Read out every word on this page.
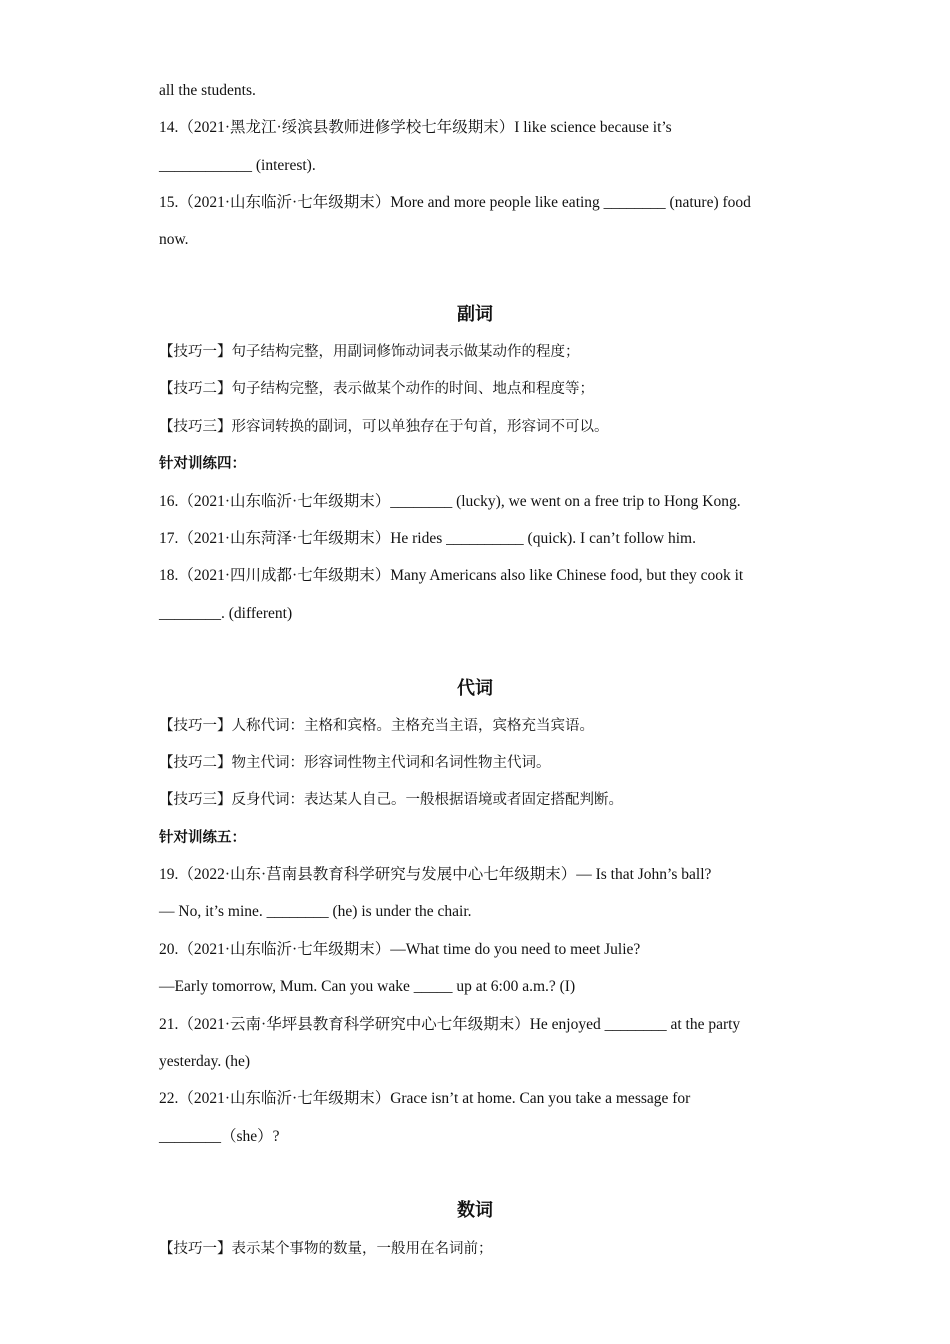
all the students.
14.（2021·黑龙江·绥滨县教师进修学校七年级期末）I like science because it’s
____________ (interest).
15.（2021·山东临沂·七年级期末）More and more people like eating ________ (nature) food
now.
副词
【技巧一】句子结构完整，用副词修饰动词表示做某动作的程度；
【技巧二】句子结构完整，表示做某个动作的时间、地点和程度等；
【技巧三】形容词转换的副词，可以单独存在于句首，形容词不可以。
针对训练四：
16.（2021·山东临沂·七年级期末）________ (lucky), we went on a free trip to Hong Kong.
17.（2021·山东菏泽·七年级期末）He rides __________ (quick). I can’t follow him.
18.（2021·四川成都·七年级期末）Many Americans also like Chinese food, but they cook it
________. (different)
代词
【技巧一】人称代词：主格和宾格。主格充当主语，宾格充当宾语。
【技巧二】物主代词：形容词性物主代词和名词性物主代词。
【技巧三】反身代词：表达某人自己。一般根据语境或者固定搭配判断。
针对训练五：
19.（2022·山东·莒南县教育科学研究与发展中心七年级期末）— Is that John’s ball?
— No, it’s mine. ________ (he) is under the chair.
20.（2021·山东临沂·七年级期末）—What time do you need to meet Julie?
—Early tomorrow, Mum. Can you wake _____ up at 6:00 a.m.? (I)
21.（2021·云南·华坪县教育科学研究中心七年级期末）He enjoyed ________ at the party
yesterday. (he)
22.（2021·山东临沂·七年级期末）Grace isn’t at home. Can you take a message for
________（she）?
数词
【技巧一】表示某个事物的数量，一般用在名词前；
